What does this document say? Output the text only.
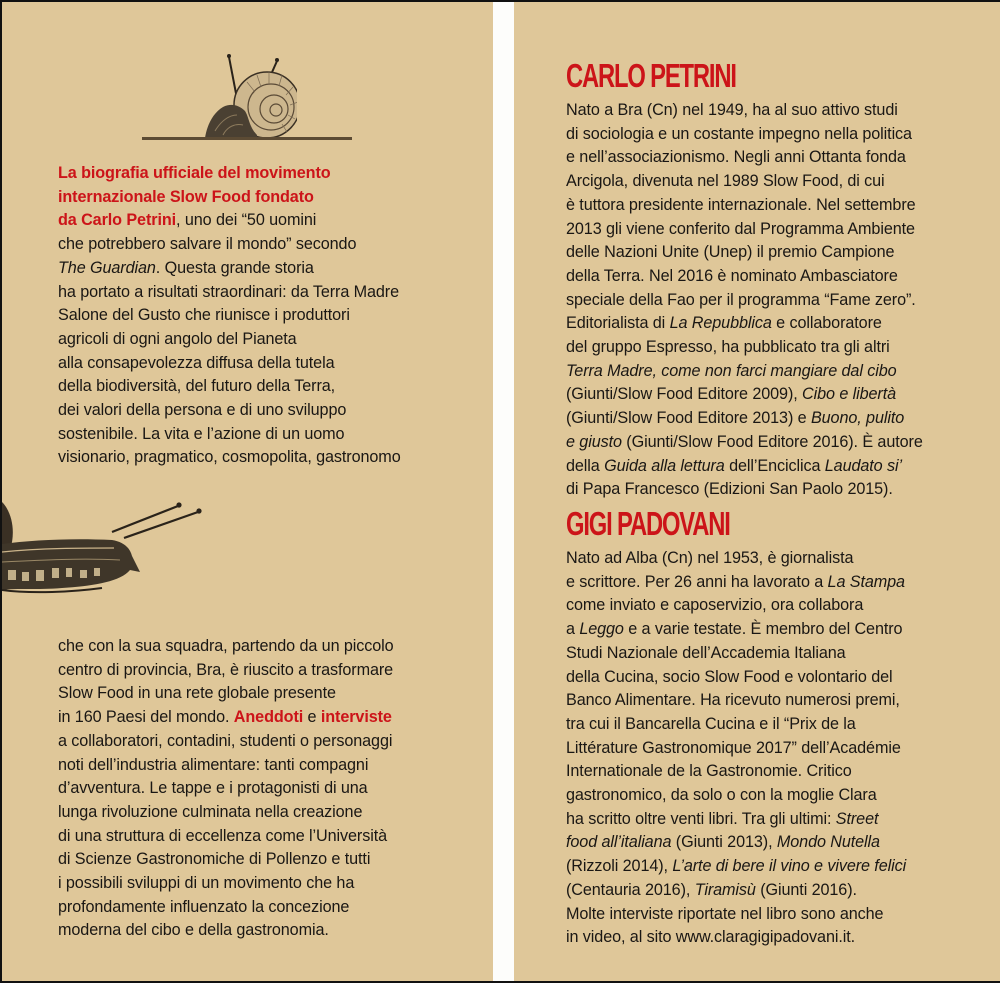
La biografia ufficiale del movimento
internazionale Slow Food fondato
da Carlo Petrini, uno dei “50 uomini
che potrebbero salvare il mondo” secondo
The Guardian. Questa grande storia
ha portato a risultati straordinari: da Terra Madre
Salone del Gusto che riunisce i produttori
agricoli di ogni angolo del Pianeta
alla consapevolezza diffusa della tutela
della biodiversità, del futuro della Terra,
dei valori della persona e di uno sviluppo
sostenibile. La vita e l’azione di un uomo
visionario, pragmatico, cosmopolita, gastronomo
che con la sua squadra, partendo da un piccolo
centro di provincia, Bra, è riuscito a trasformare
Slow Food in una rete globale presente
in 160 Paesi del mondo. Aneddoti e interviste
a collaboratori, contadini, studenti o personaggi
noti dell’industria alimentare: tanti compagni
d’avventura. Le tappe e i protagonisti di una
lunga rivoluzione culminata nella creazione
di una struttura di eccellenza come l’Università
di Scienze Gastronomiche di Pollenzo e tutti
i possibili sviluppi di un movimento che ha
profondamente influenzato la concezione
moderna del cibo e della gastronomia.
CARLO PETRINI
Nato a Bra (Cn) nel 1949, ha al suo attivo studi
di sociologia e un costante impegno nella politica
e nell’associazionismo. Negli anni Ottanta fonda
Arcigola, divenuta nel 1989 Slow Food, di cui
è tuttora presidente internazionale. Nel settembre
2013 gli viene conferito dal Programma Ambiente
delle Nazioni Unite (Unep) il premio Campione
della Terra. Nel 2016 è nominato Ambasciatore
speciale della Fao per il programma “Fame zero”.
Editorialista di La Repubblica e collaboratore
del gruppo Espresso, ha pubblicato tra gli altri
Terra Madre, come non farci mangiare dal cibo
(Giunti/Slow Food Editore 2009), Cibo e libertà
(Giunti/Slow Food Editore 2013) e Buono, pulito
e giusto (Giunti/Slow Food Editore 2016). È autore
della Guida alla lettura dell’Enciclica Laudato si’
di Papa Francesco (Edizioni San Paolo 2015).
GIGI PADOVANI
Nato ad Alba (Cn) nel 1953, è giornalista
e scrittore. Per 26 anni ha lavorato a La Stampa
come inviato e caposervizio, ora collabora
a Leggo e a varie testate. È membro del Centro
Studi Nazionale dell’Accademia Italiana
della Cucina, socio Slow Food e volontario del
Banco Alimentare. Ha ricevuto numerosi premi,
tra cui il Bancarella Cucina e il “Prix de la
Littérature Gastronomique 2017” dell’Académie
Internationale de la Gastronomie. Critico
gastronomico, da solo o con la moglie Clara
ha scritto oltre venti libri. Tra gli ultimi: Street
food all’italiana (Giunti 2013), Mondo Nutella
(Rizzoli 2014), L’arte di bere il vino e vivere felici
(Centauria 2016), Tiramisù (Giunti 2016).
Molte interviste riportate nel libro sono anche
in video, al sito www.claragigipadovani.it.
